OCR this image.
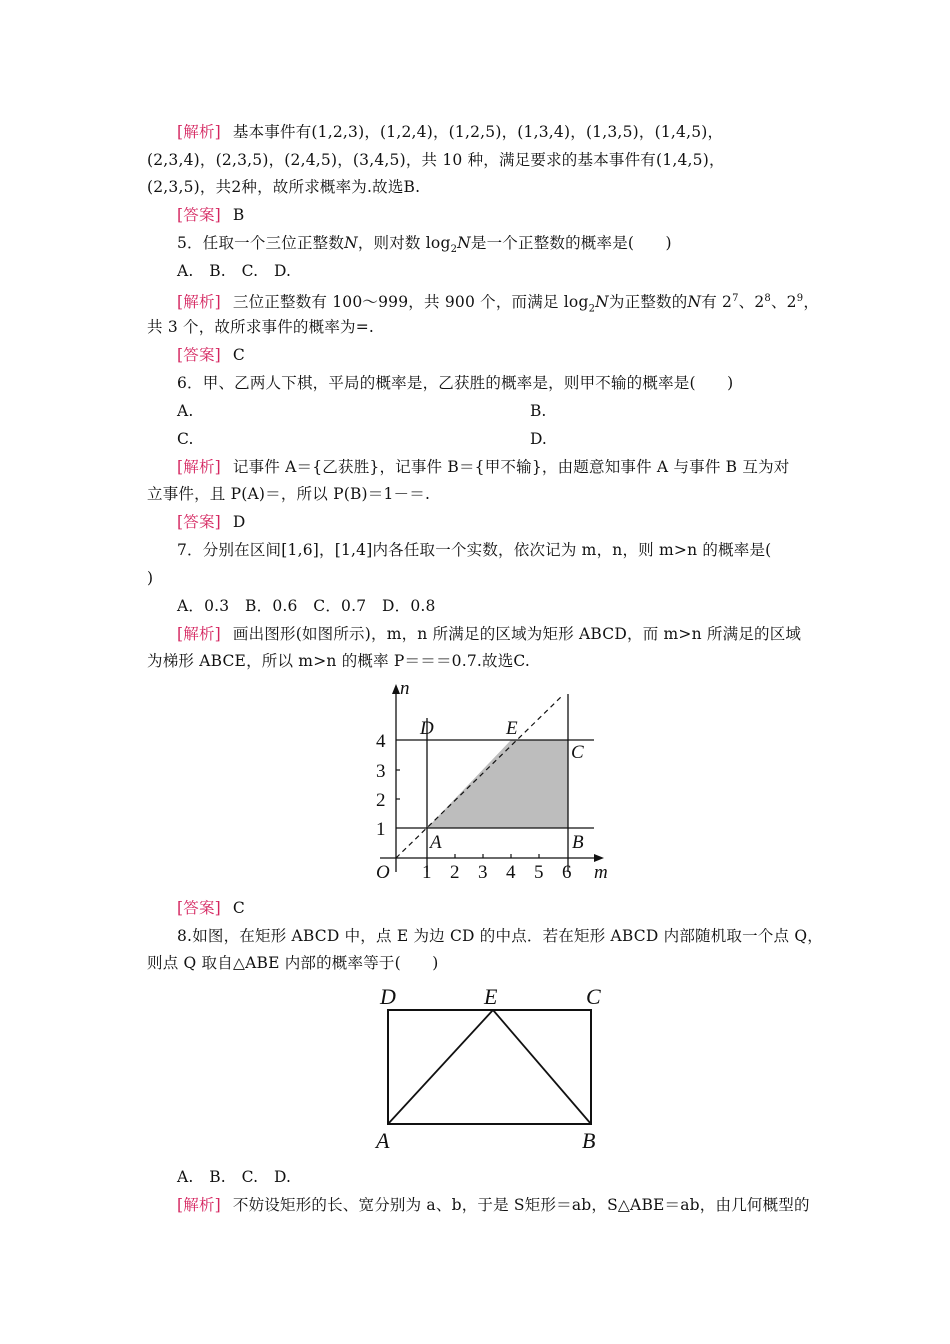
[解析] 基本事件有(1,2,3)，(1,2,4)，(1,2,5)，(1,3,4)，(1,3,5)，(1,4,5)，
(2,3,4)，(2,3,5)，(2,4,5)，(3,4,5)，共 10 种，满足要求的基本事件有(1,4,5)，
(2,3,5)，共2种，故所求概率为.故选B.
[答案] B
5．任取一个三位正整数N，则对数 $\log_2N$是一个正整数的概率是(　　)
A.　B.　C.　D.
[解析] 三位正整数有 100～999，共 900 个，而满足 $\log_2N$为正整数的N有 $2^7$、$2^8$、$2^9$，
共 3 个，故所求事件的概率为=.
[答案] C
6．甲、乙两人下棋，平局的概率是，乙获胜的概率是，则甲不输的概率是(　　)
A.	B.
C.	D.
[解析] 记事件 A＝{乙获胜}，记事件 B＝{甲不输}，由题意知事件 A 与事件 B 互为对
立事件，且 P(A)＝，所以 P(B)＝1－＝.
[答案] D
7．分别在区间[1,6]，[1,4]内各任取一个实数，依次记为 m，n，则 m>n 的概率是(
)
A．0.3　B．0.6　C．0.7　D．0.8
[解析] 画出图形(如图所示)，m，n 所满足的区域为矩形 ABCD，而 m>n 所满足的区域
为梯形 ABCE，所以 m>n 的概率 P＝＝＝0.7.故选C.
O
n
m
1 2 3 4 5 6
1
2
3
4
A	B
C
D	E
[答案] C
8.如图，在矩形 ABCD 中，点 E 为边 CD 的中点．若在矩形 ABCD 内部随机取一个点 Q，
则点 Q 取自△ABE 内部的概率等于(　　)
D	E	C
A	B
A.　B.　C.　D.
[解析] 不妨设矩形的长、宽分别为 a、b，于是 S矩形＝ab，S△ABE＝ab，由几何概型的
